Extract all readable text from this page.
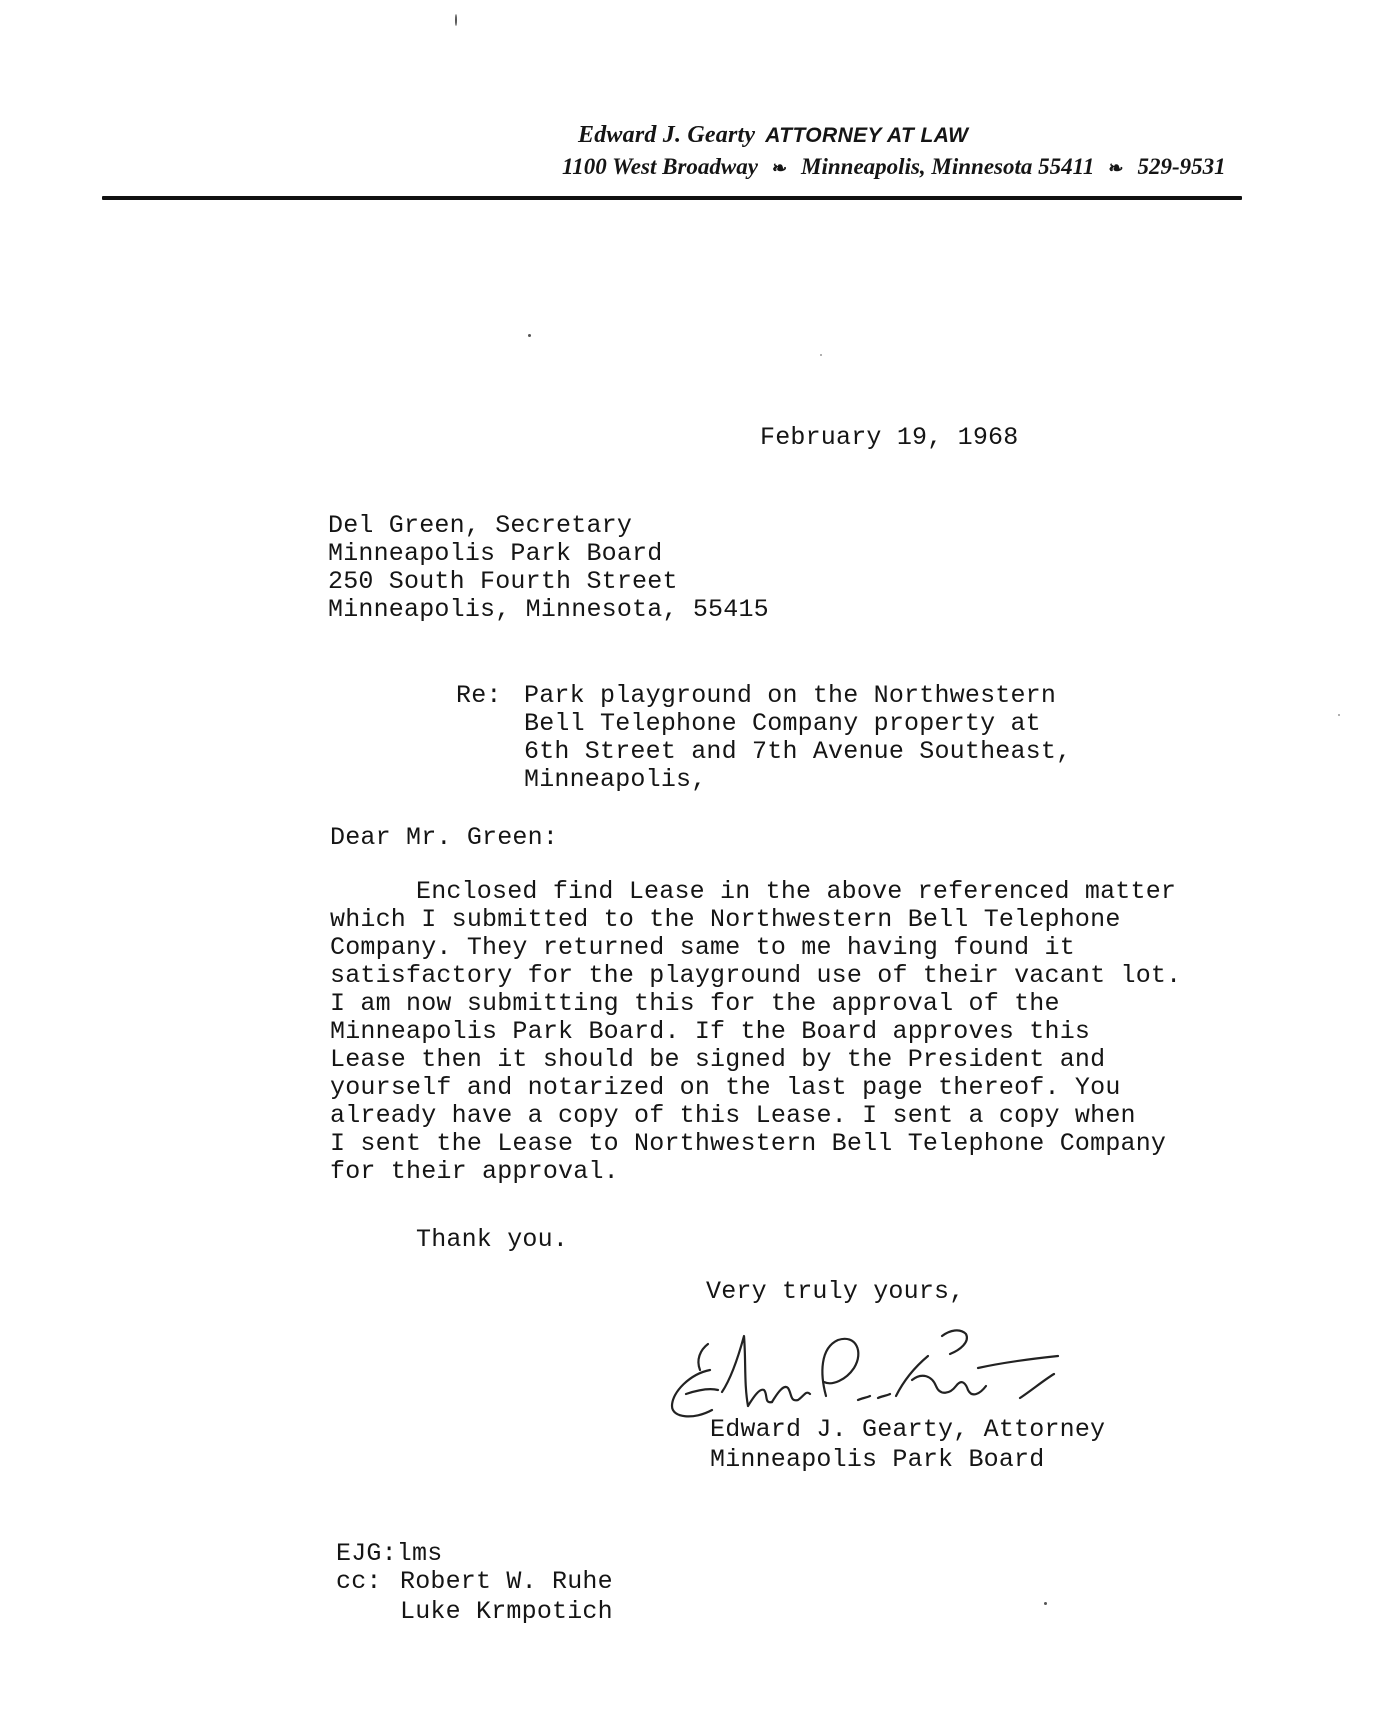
Edward J. Gearty ATTORNEY AT LAW

1100 West Broadway ❧ Minneapolis, Minnesota 55411 ❧ 529-9531

February 19, 1968

Del Green, Secretary
Minneapolis Park Board
250 South Fourth Street
Minneapolis, Minnesota, 55415

Re: Park playground on the Northwestern
Bell Telephone Company property at
6th Street and 7th Avenue Southeast,
Minneapolis,

Dear Mr. Green:

Enclosed find Lease in the above referenced matter
which I submitted to the Northwestern Bell Telephone
Company. They returned same to me having found it
satisfactory for the playground use of their vacant lot.
I am now submitting this for the approval of the
Minneapolis Park Board. If the Board approves this
Lease then it should be signed by the President and
yourself and notarized on the last page thereof. You
already have a copy of this Lease. I sent a copy when
I sent the Lease to Northwestern Bell Telephone Company
for their approval.

Thank you.

Very truly yours,

Edward J. Gearty, Attorney
Minneapolis Park Board

EJG:lms

cc: Robert W. Ruhe
Luke Krmpotich
